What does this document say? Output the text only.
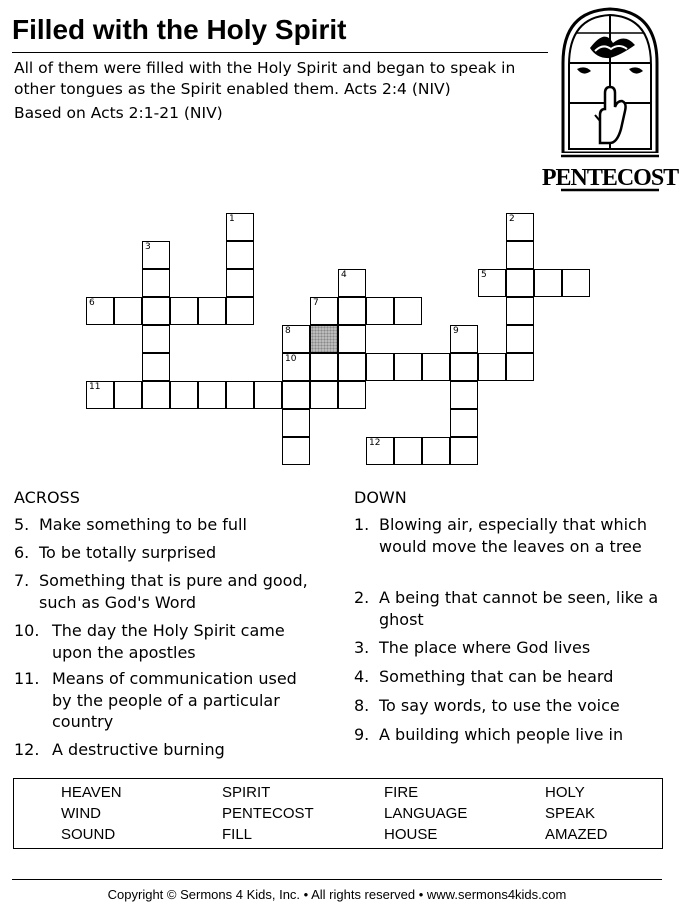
Filled with the Holy Spirit
All of them were filled with the Holy Spirit and began to speak in other tongues as the Spirit enabled them. Acts 2:4 (NIV)
Based on Acts 2:1-21 (NIV)
PENTECOST
1	2
3
4	5
6	7
8
10
9
11
12
ACROSS	DOWN
5. Make something to be full
6. To be totally surprised
7. Something that is pure and good, such as God's Word
10. The day the Holy Spirit came upon the apostles
11. Means of communication used by the people of a particular country
12. A destructive burning
1. Blowing air, especially that which would move the leaves on a tree
2. A being that cannot be seen, like a ghost
3. The place where God lives
4. Something that can be heard
8. To say words, to use the voice
9. A building which people live in
HEAVEN	SPIRIT	FIRE	HOLY
WIND	PENTECOST	LANGUAGE	SPEAK
SOUND	FILL	HOUSE	AMAZED
Copyright © Sermons 4 Kids, Inc. • All rights reserved • www.sermons4kids.com
